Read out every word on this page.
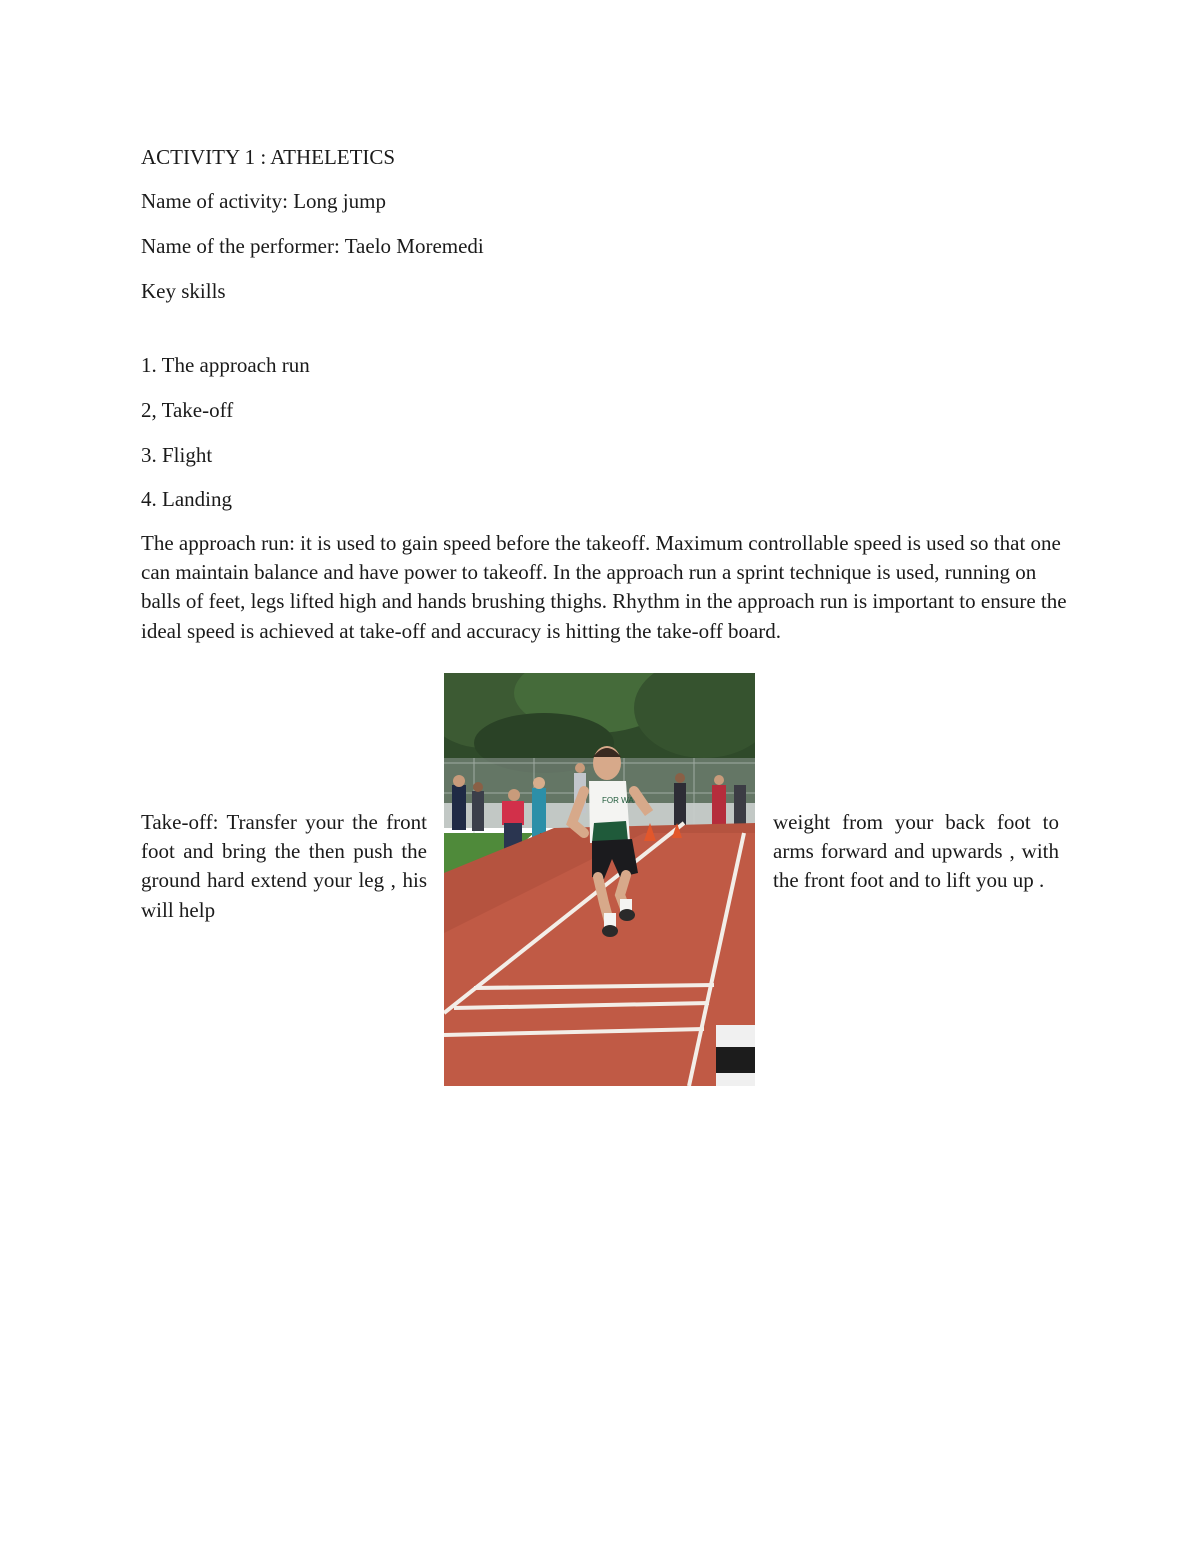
ACTIVITY 1 : ATHELETICS
Name of activity: Long jump
Name of the performer: Taelo Moremedi
Key skills
1. The approach run
2, Take-off
3. Flight
4. Landing
The approach run: it is used to gain speed before the takeoff. Maximum controllable speed is used so that one can maintain balance and have power to takeoff. In the approach run a sprint technique is used, running on balls of feet, legs lifted high and hands brushing thighs. Rhythm in the approach run is important to ensure the ideal speed is achieved at take-off and accuracy is hitting the take-off board.
Take-off: Transfer your the front foot and bring the then push the ground hard extend your leg , his will help
weight from your back foot to arms forward and upwards , with the front foot and to lift you up .
FOR WA
